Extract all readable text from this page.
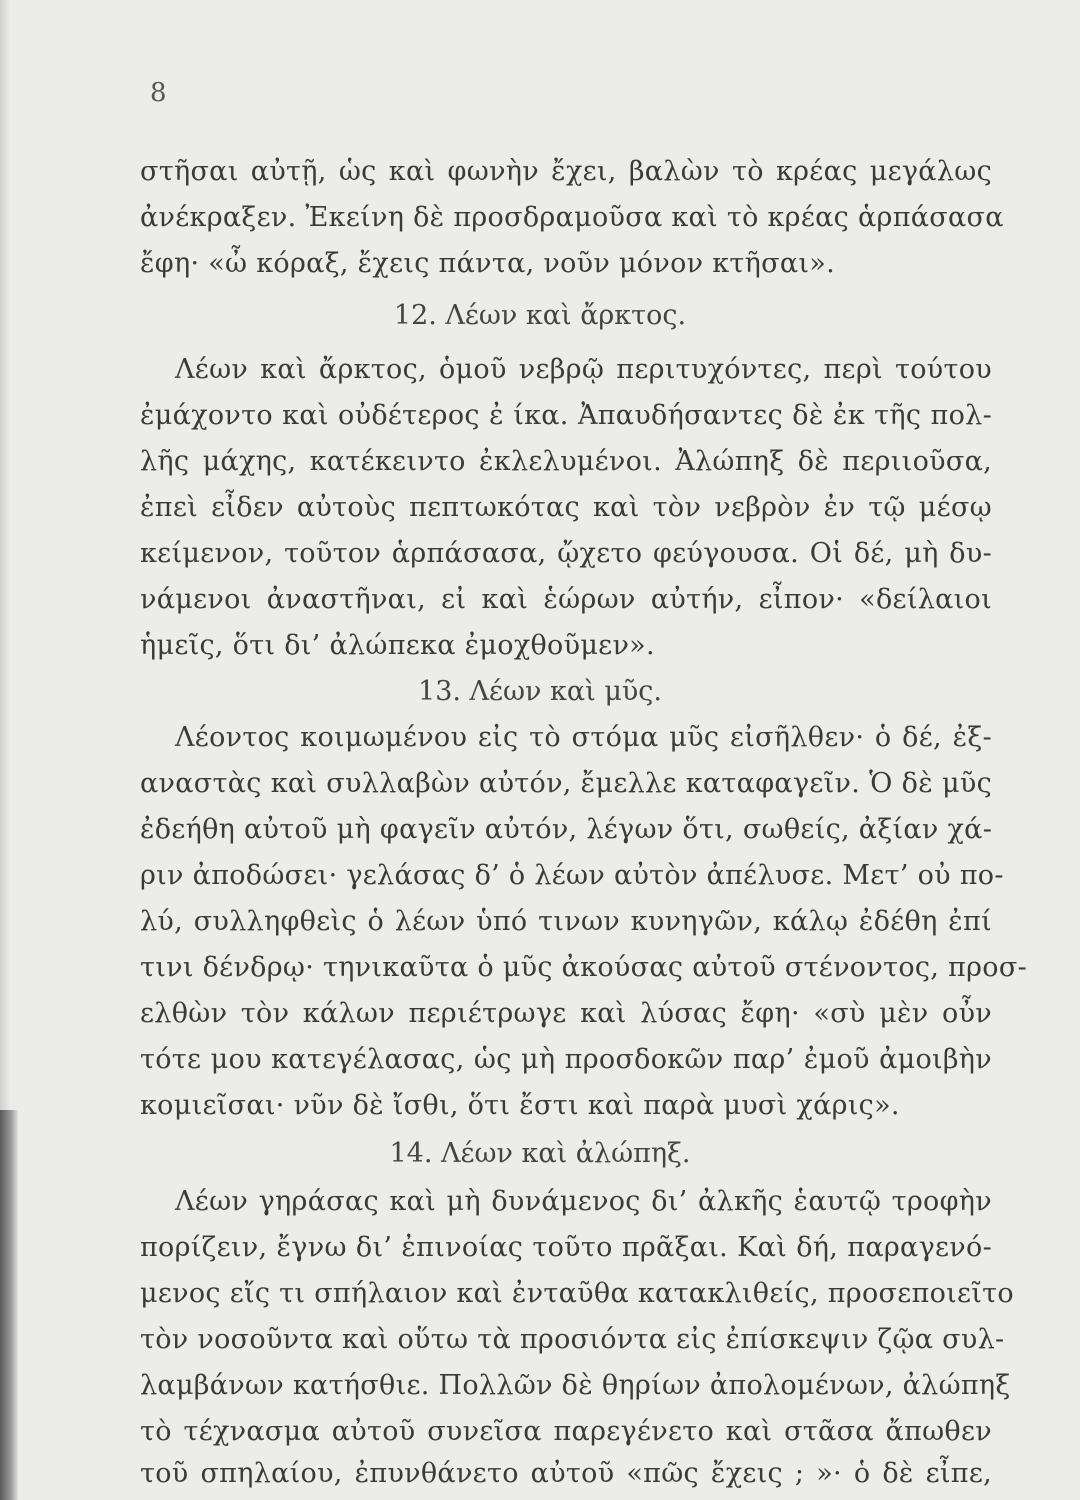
8
στῆσαι αὐτῇ, ὡς καὶ φωνὴν ἔχει, βαλὼν τὸ κρέας μεγάλως
ἀνέκραξεν. Ἐκείνη δὲ προσδραμοῦσα καὶ τὸ κρέας ἁρπάσασα
ἔφη· «ὦ κόραξ, ἔχεις πάντα, νοῦν μόνον κτῆσαι».
12. Λέων καὶ ἄρκτος.
Λέων καὶ ἄρκτος, ὁμοῦ νεβρῷ περιτυχόντες, περὶ τούτου
ἐμάχοντο καὶ οὐδέτερος ἐ ίκα. Ἀπαυδήσαντες δὲ ἐκ τῆς πολ-
λῆς μάχης, κατέκειντο ἐκλελυμένοι. Ἀλώπηξ δὲ περιιοῦσα,
ἐπεὶ εἶδεν αὐτοὺς πεπτωκότας καὶ τὸν νεβρὸν ἐν τῷ μέσῳ
κείμενον, τοῦτον ἁρπάσασα, ᾤχετο φεύγουσα. Οἱ δέ, μὴ δυ-
νάμενοι ἀναστῆναι, εἰ καὶ ἑώρων αὐτήν, εἶπον· «δείλαιοι
ἡμεῖς, ὅτι δι’ ἀλώπεκα ἐμοχθοῦμεν».
13. Λέων καὶ μῦς.
Λέοντος κοιμωμένου εἰς τὸ στόμα μῦς εἰσῆλθεν· ὁ δέ, ἐξ-
αναστὰς καὶ συλλαβὼν αὐτόν, ἔμελλε καταφαγεῖν. Ὁ δὲ μῦς
ἐδεήθη αὐτοῦ μὴ φαγεῖν αὐτόν, λέγων ὅτι, σωθείς, ἀξίαν χά-
ριν ἀποδώσει· γελάσας δ’ ὁ λέων αὐτὸν ἀπέλυσε. Μετ’ οὐ πο-
λύ, συλληφθεὶς ὁ λέων ὑπό τινων κυνηγῶν, κάλῳ ἐδέθη ἐπί
τινι δένδρῳ· τηνικαῦτα ὁ μῦς ἀκούσας αὐτοῦ στένοντος, προσ-
ελθὼν τὸν κάλων περιέτρωγε καὶ λύσας ἔφη· «σὺ μὲν οὖν
τότε μου κατεγέλασας, ὡς μὴ προσδοκῶν παρ’ ἐμοῦ ἀμοιβὴν
κομιεῖσαι· νῦν δὲ ἴσθι, ὅτι ἔστι καὶ παρὰ μυσὶ χάρις».
14. Λέων καὶ ἀλώπηξ.
Λέων γηράσας καὶ μὴ δυνάμενος δι’ ἀλκῆς ἑαυτῷ τροφὴν
πορίζειν, ἔγνω δι’ ἐπινοίας τοῦτο πρᾶξαι. Καὶ δή, παραγενό-
μενος εἴς τι σπήλαιον καὶ ἐνταῦθα κατακλιθείς, προσεποιεῖτο
τὸν νοσοῦντα καὶ οὕτω τὰ προσιόντα εἰς ἐπίσκεψιν ζῷα συλ-
λαμβάνων κατήσθιε. Πολλῶν δὲ θηρίων ἀπολομένων, ἀλώπηξ
τὸ τέχνασμα αὐτοῦ συνεῖσα παρεγένετο καὶ στᾶσα ἄπωθεν
τοῦ σπηλαίου, ἐπυνθάνετο αὐτοῦ «πῶς ἔχεις ; »· ὁ δὲ εἶπε,
